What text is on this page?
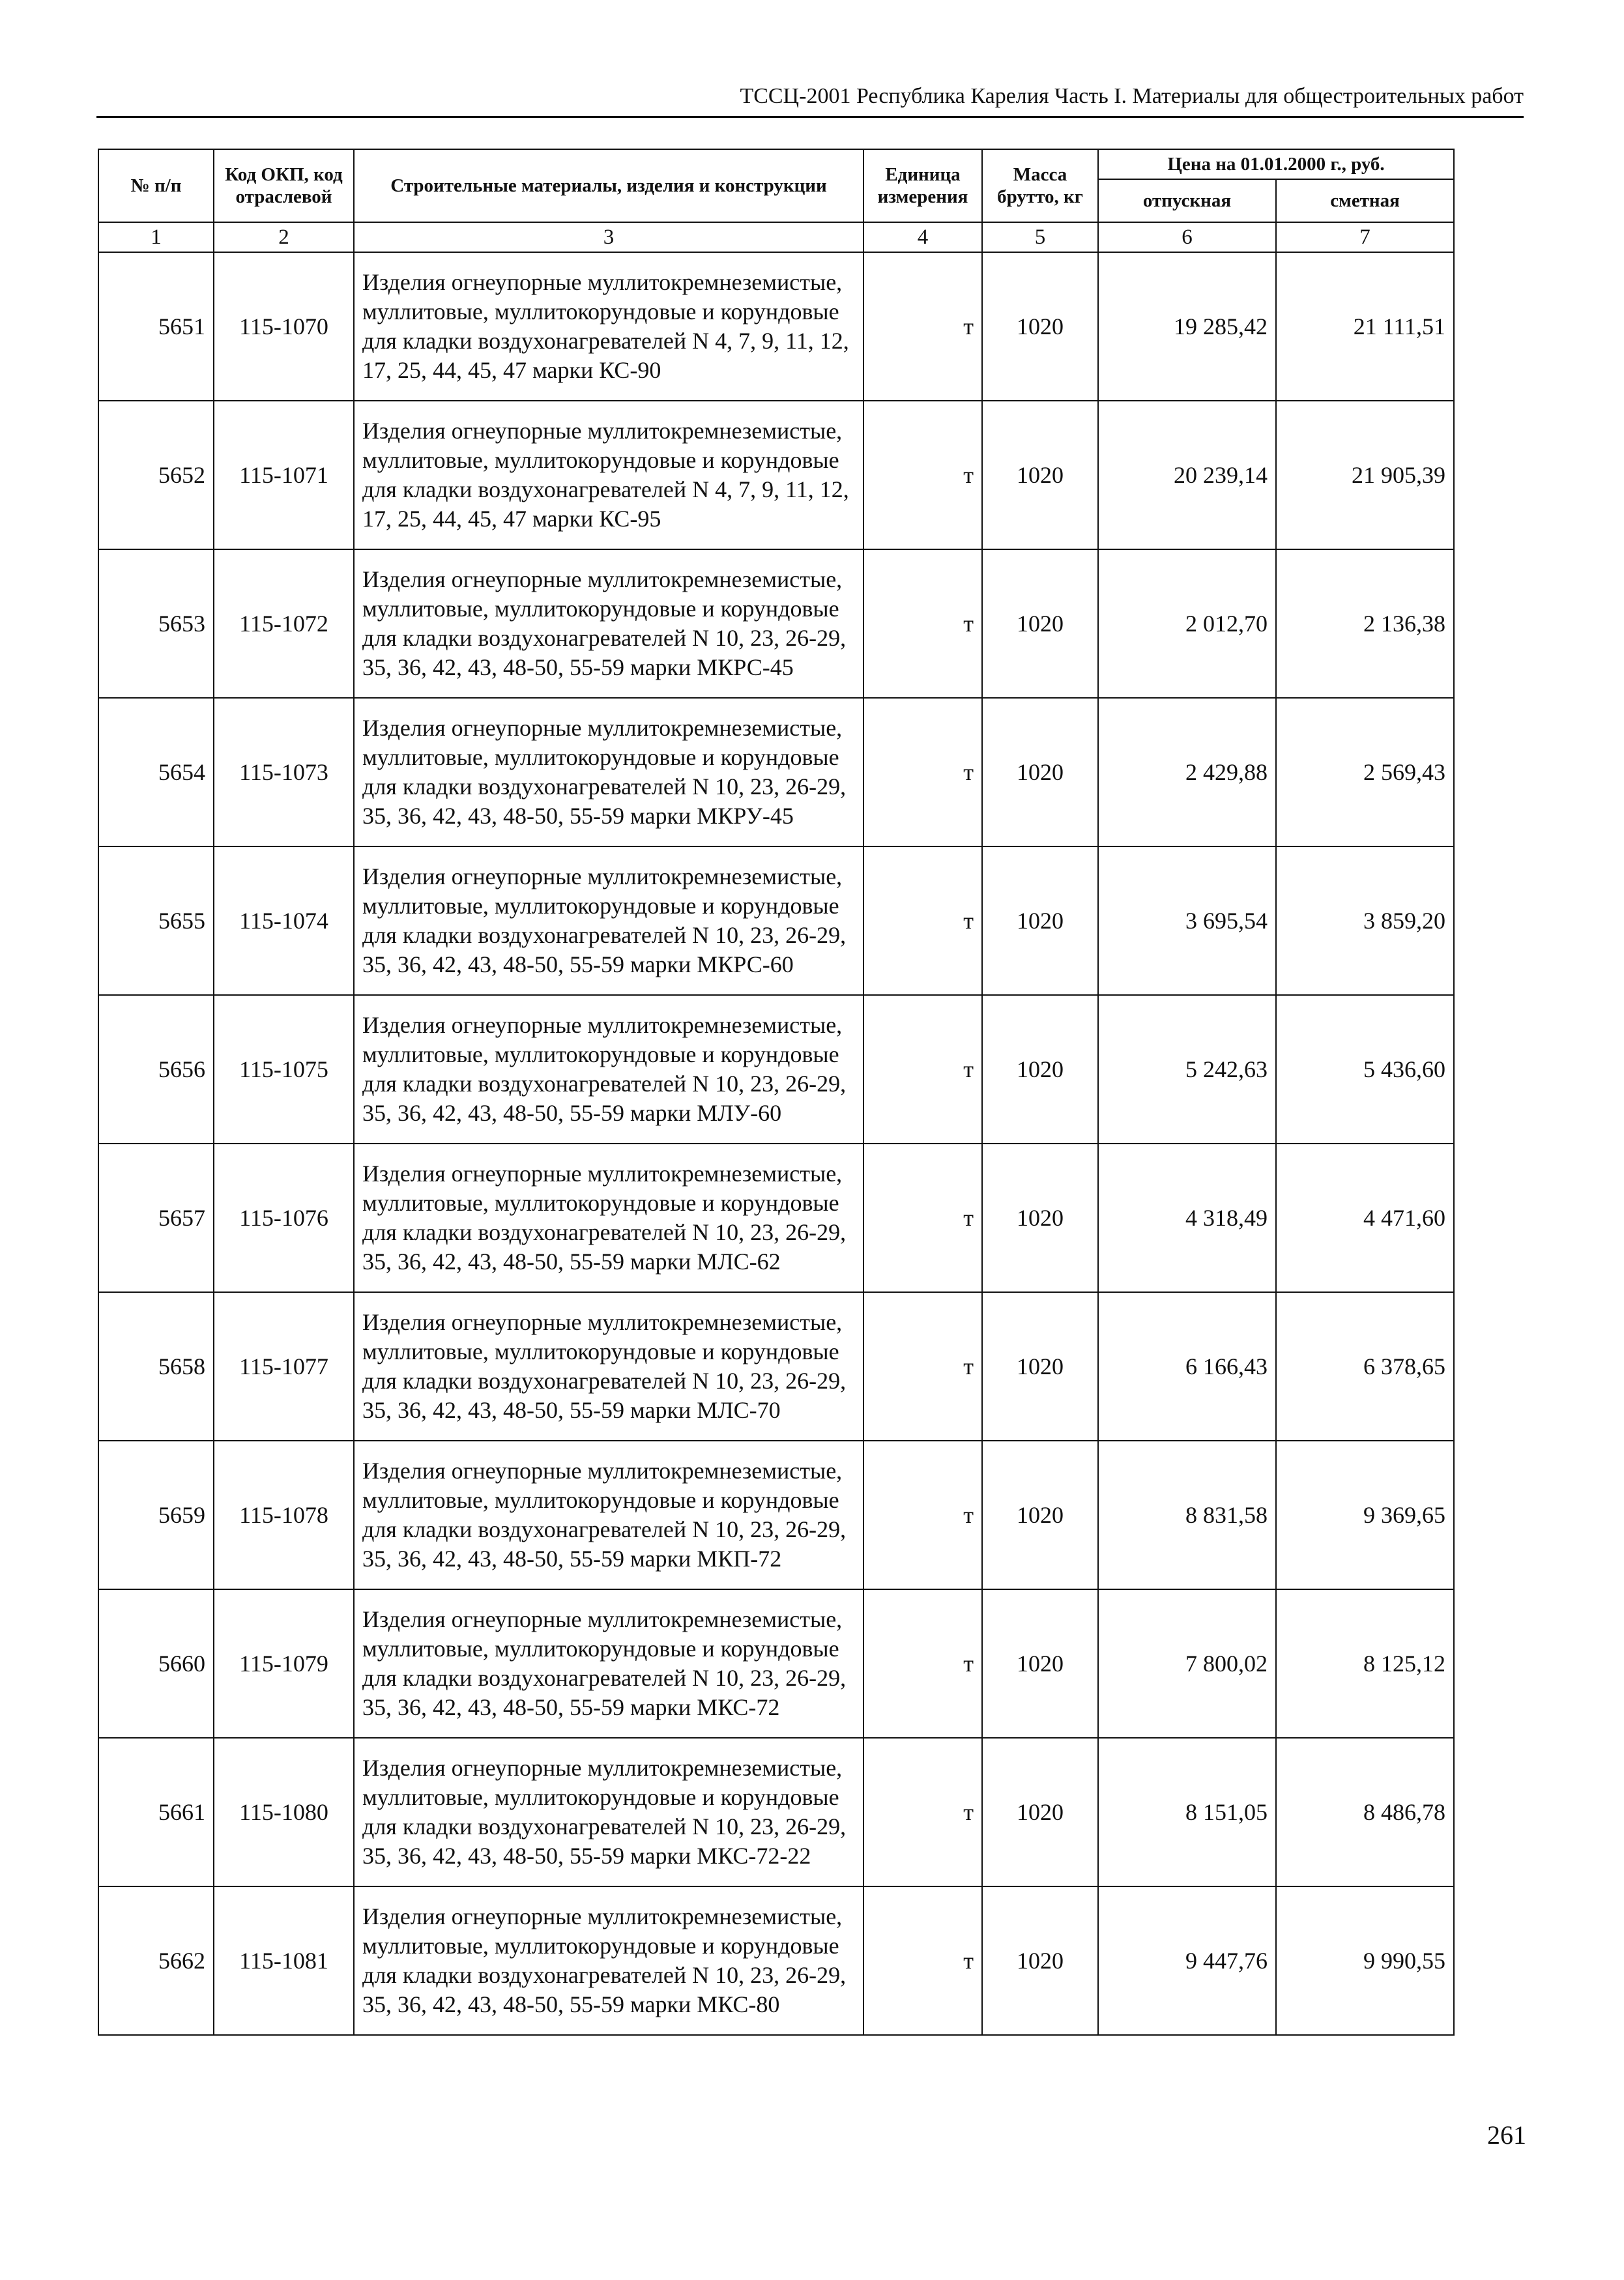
ТССЦ-2001 Республика Карелия Часть I. Материалы для общестроительных работ
№ п/п	Код ОКП, код отраслевой	Строительные материалы, изделия и конструкции	Единица измерения	Масса брутто, кг	Цена на 01.01.2000 г., руб.	
					отпускная	сметная
1	2	3	4	5	6	7
5651	115-1070	Изделия огнеупорные муллитокремнеземистые, муллитовые, муллитокорундовые и корундовые для кладки воздухонагревателей N 4, 7, 9, 11, 12, 17, 25, 44, 45, 47 марки КС-90	т	1020	19 285,42	21 111,51
5652	115-1071	Изделия огнеупорные муллитокремнеземистые, муллитовые, муллитокорундовые и корундовые для кладки воздухонагревателей N 4, 7, 9, 11, 12, 17, 25, 44, 45, 47 марки КС-95	т	1020	20 239,14	21 905,39
5653	115-1072	Изделия огнеупорные муллитокремнеземистые, муллитовые, муллитокорундовые и корундовые для кладки воздухонагревателей N 10, 23, 26-29, 35, 36, 42, 43, 48-50, 55-59 марки МКРС-45	т	1020	2 012,70	2 136,38
5654	115-1073	Изделия огнеупорные муллитокремнеземистые, муллитовые, муллитокорундовые и корундовые для кладки воздухонагревателей N 10, 23, 26-29, 35, 36, 42, 43, 48-50, 55-59 марки МКРУ-45	т	1020	2 429,88	2 569,43
5655	115-1074	Изделия огнеупорные муллитокремнеземистые, муллитовые, муллитокорундовые и корундовые для кладки воздухонагревателей N 10, 23, 26-29, 35, 36, 42, 43, 48-50, 55-59 марки МКРС-60	т	1020	3 695,54	3 859,20
5656	115-1075	Изделия огнеупорные муллитокремнеземистые, муллитовые, муллитокорундовые и корундовые для кладки воздухонагревателей N 10, 23, 26-29, 35, 36, 42, 43, 48-50, 55-59 марки МЛУ-60	т	1020	5 242,63	5 436,60
5657	115-1076	Изделия огнеупорные муллитокремнеземистые, муллитовые, муллитокорундовые и корундовые для кладки воздухонагревателей N 10, 23, 26-29, 35, 36, 42, 43, 48-50, 55-59 марки МЛС-62	т	1020	4 318,49	4 471,60
5658	115-1077	Изделия огнеупорные муллитокремнеземистые, муллитовые, муллитокорундовые и корундовые для кладки воздухонагревателей N 10, 23, 26-29, 35, 36, 42, 43, 48-50, 55-59 марки МЛС-70	т	1020	6 166,43	6 378,65
5659	115-1078	Изделия огнеупорные муллитокремнеземистые, муллитовые, муллитокорундовые и корундовые для кладки воздухонагревателей N 10, 23, 26-29, 35, 36, 42, 43, 48-50, 55-59 марки МКП-72	т	1020	8 831,58	9 369,65
5660	115-1079	Изделия огнеупорные муллитокремнеземистые, муллитовые, муллитокорундовые и корундовые для кладки воздухонагревателей N 10, 23, 26-29, 35, 36, 42, 43, 48-50, 55-59 марки МКС-72	т	1020	7 800,02	8 125,12
5661	115-1080	Изделия огнеупорные муллитокремнеземистые, муллитовые, муллитокорундовые и корундовые для кладки воздухонагревателей N 10, 23, 26-29, 35, 36, 42, 43, 48-50, 55-59 марки МКС-72-22	т	1020	8 151,05	8 486,78
5662	115-1081	Изделия огнеупорные муллитокремнеземистые, муллитовые, муллитокорундовые и корундовые для кладки воздухонагревателей N 10, 23, 26-29, 35, 36, 42, 43, 48-50, 55-59 марки МКС-80	т	1020	9 447,76	9 990,55
261
